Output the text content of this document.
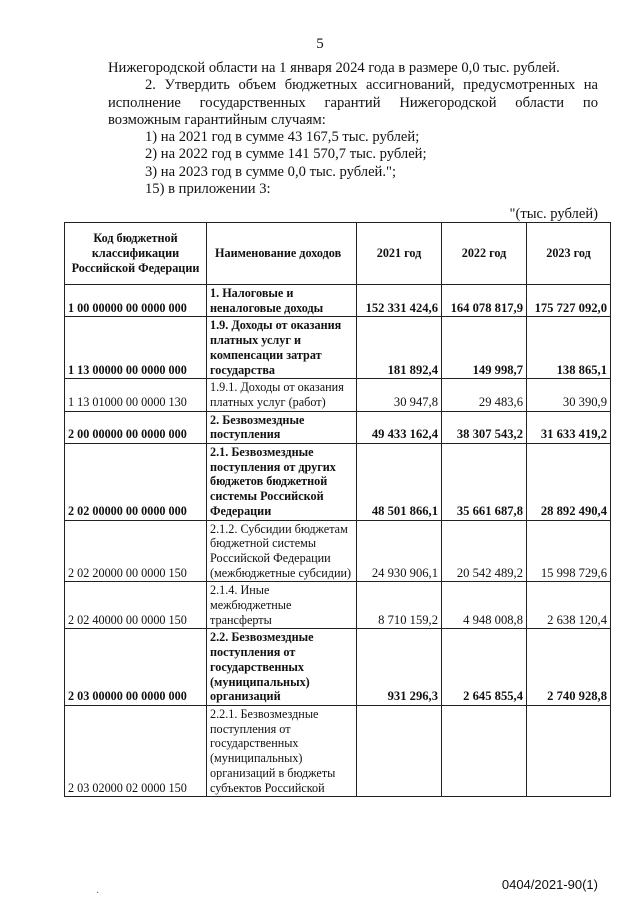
5

Нижегородской области на 1 января 2024 года в размере 0,0 тыс. рублей.

2. Утвердить объем бюджетных ассигнований, предусмотренных на исполнение государственных гарантий Нижегородской области по возможным гарантийным случаям:

1) на 2021 год в сумме 43 167,5 тыс. рублей;

2) на 2022 год в сумме 141 570,7 тыс. рублей;

3) на 2023 год в сумме 0,0 тыс. рублей.";

15) в приложении 3:

"(тыс. рублей)
Код бюджетной классификации Российской Федерации	Наименование доходов	2021 год	2022 год	2023 год
1 00 00000 00 0000 000	1. Налоговые и неналоговые доходы	152 331 424,6	164 078 817,9	175 727 092,0
1 13 00000 00 0000 000	1.9. Доходы от оказания платных услуг и компенсации затрат государства	181 892,4	149 998,7	138 865,1
1 13 01000 00 0000 130	1.9.1. Доходы от оказания платных услуг (работ)	30 947,8	29 483,6	30 390,9
2 00 00000 00 0000 000	2. Безвозмездные поступления	49 433 162,4	38 307 543,2	31 633 419,2
2 02 00000 00 0000 000	2.1. Безвозмездные поступления от других бюджетов бюджетной системы Российской Федерации	48 501 866,1	35 661 687,8	28 892 490,4
2 02 20000 00 0000 150	2.1.2. Субсидии бюджетам бюджетной системы Российской Федерации (межбюджетные субсидии)	24 930 906,1	20 542 489,2	15 998 729,6
2 02 40000 00 0000 150	2.1.4. Иные межбюджетные трансферты	8 710 159,2	4 948 008,8	2 638 120,4
2 03 00000 00 0000 000	2.2. Безвозмездные поступления от государственных (муниципальных) организаций	931 296,3	2 645 855,4	2 740 928,8
2 03 02000 02 0000 150	2.2.1. Безвозмездные поступления от государственных (муниципальных) организаций в бюджеты субъектов Российской			
0404/2021-90(1)
·
